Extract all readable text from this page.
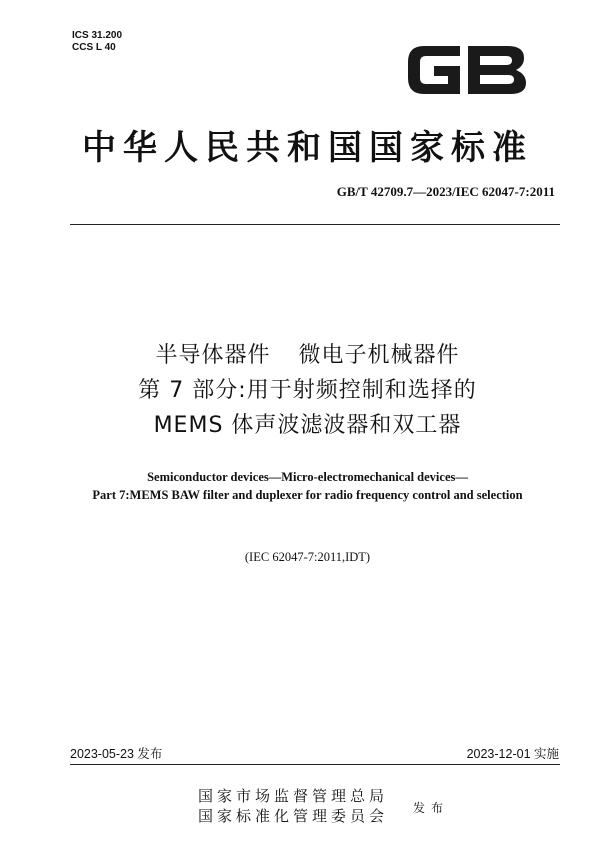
ICS 31.200
CCS L 40
中华人民共和国国家标准
GB/T 42709.7—2023/IEC 62047-7:2011
半导体器件 微电子机械器件
第 7 部分:用于射频控制和选择的
MEMS 体声波滤波器和双工器
Semiconductor devices—Micro-electromechanical devices—
Part 7:MEMS BAW filter and duplexer for radio frequency control and selection
(IEC 62047-7:2011,IDT)
2023-05-23 发布	2023-12-01 实施
国家市场监督管理总局
国家标准化管理委员会 发布
